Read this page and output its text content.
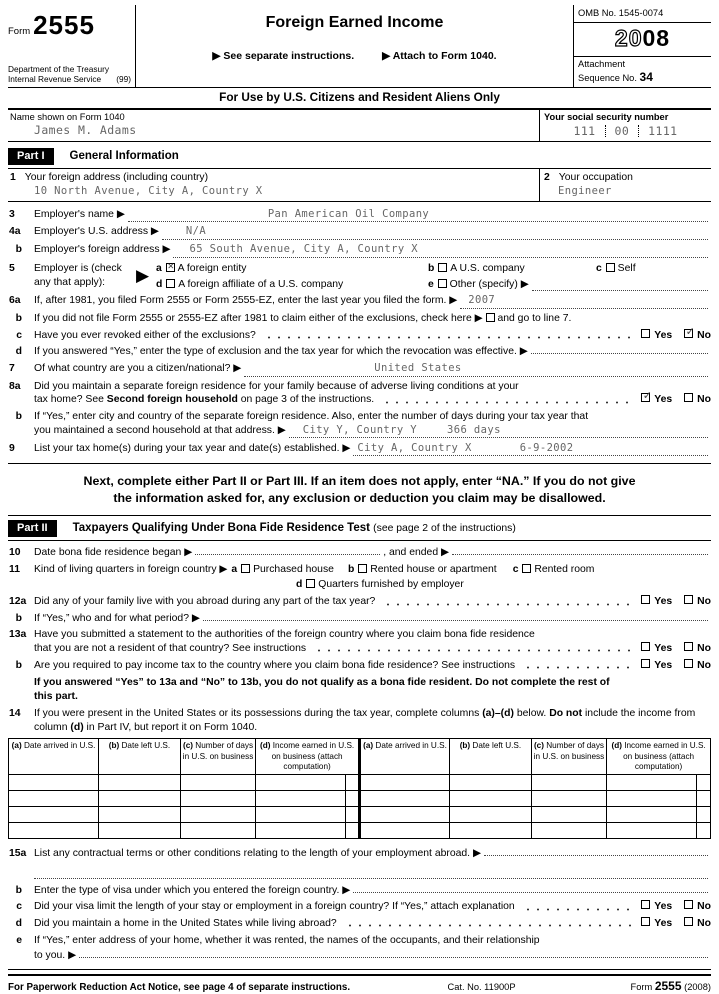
Form 2555
Department of the Treasury
Internal Revenue Service (99)
Foreign Earned Income
▶ See separate instructions.	▶ Attach to Form 1040.
OMB No. 1545-0074
2008
Attachment
Sequence No. 34
For Use by U.S. Citizens and Resident Aliens Only
Name shown on Form 1040
James M. Adams
Your social security number
111 00 1111
Part I	General Information
1 Your foreign address (including country)
10 North Avenue, City A, Country X
2 Your occupation
Engineer
3	Employer's name ▶	Pan American Oil Company
4a	Employer's U.S. address ▶	N/A
b	Employer's foreign address ▶	65 South Avenue, City A, Country X
5	Employer is (check
any that apply):	▶ a ✕ A foreign entity	b A U.S. company	c Self
d A foreign affiliate of a U.S. company	e Other (specify) ▶
6a	If, after 1981, you filed Form 2555 or Form 2555-EZ, enter the last year you filed the form. ▶	2007
b	If you did not file Form 2555 or 2555-EZ after 1981 to claim either of the exclusions, check here ▶ and go to line 7.
c	Have you ever revoked either of the exclusions?	Yes ✓ No
d	If you answered “Yes,” enter the type of exclusion and the tax year for which the revocation was effective. ▶
7	Of what country are you a citizen/national? ▶	United States
8a	Did you maintain a separate foreign residence for your family because of adverse living conditions at your
tax home? See Second foreign household on page 3 of the instructions.	✓ Yes No
b	If “Yes,” enter city and country of the separate foreign residence. Also, enter the number of days during your tax year that
you maintained a second household at that address. ▶	City Y, Country Y	366 days
9	List your tax home(s) during your tax year and date(s) established. ▶ City A, Country X	6-9-2002
Next, complete either Part II or Part III. If an item does not apply, enter “NA.” If you do not give
the information asked for, any exclusion or deduction you claim may be disallowed.
Part II	Taxpayers Qualifying Under Bona Fide Residence Test (see page 2 of the instructions)
10	Date bona fide residence began ▶	, and ended ▶
11	Kind of living quarters in foreign country ▶ a Purchased house b Rented house or apartment c Rented room
d Quarters furnished by employer
12a Did any of your family live with you abroad during any part of the tax year?	Yes No
b	If “Yes,” who and for what period? ▶
13a Have you submitted a statement to the authorities of the foreign country where you claim bona fide residence
that you are not a resident of that country? See instructions	Yes No
b	Are you required to pay income tax to the country where you claim bona fide residence? See instructions	Yes No
If you answered “Yes” to 13a and “No” to 13b, you do not qualify as a bona fide resident. Do not complete the rest of
this part.
14	If you were present in the United States or its possessions during the tax year, complete columns (a)–(d) below. Do not include the income from column (d) in Part IV, but report it on Form 1040.
(a) Date arrived in U.S.	(b) Date left U.S.	(c) Number of days in U.S. on business	(d) Income earned in U.S. on business (attach computation)		(a) Date arrived in U.S.	(b) Date left U.S.	(c) Number of days in U.S. on business	(d) Income earned in U.S. on business (attach computation)	

15a List any contractual terms or other conditions relating to the length of your employment abroad. ▶
b	Enter the type of visa under which you entered the foreign country. ▶
c	Did your visa limit the length of your stay or employment in a foreign country? If “Yes,” attach explanation	Yes No
d	Did you maintain a home in the United States while living abroad?	Yes No
e	If “Yes,” enter address of your home, whether it was rented, the names of the occupants, and their relationship
to you. ▶
For Paperwork Reduction Act Notice, see page 4 of separate instructions.	Cat. No. 11900P	Form 2555 (2008)
